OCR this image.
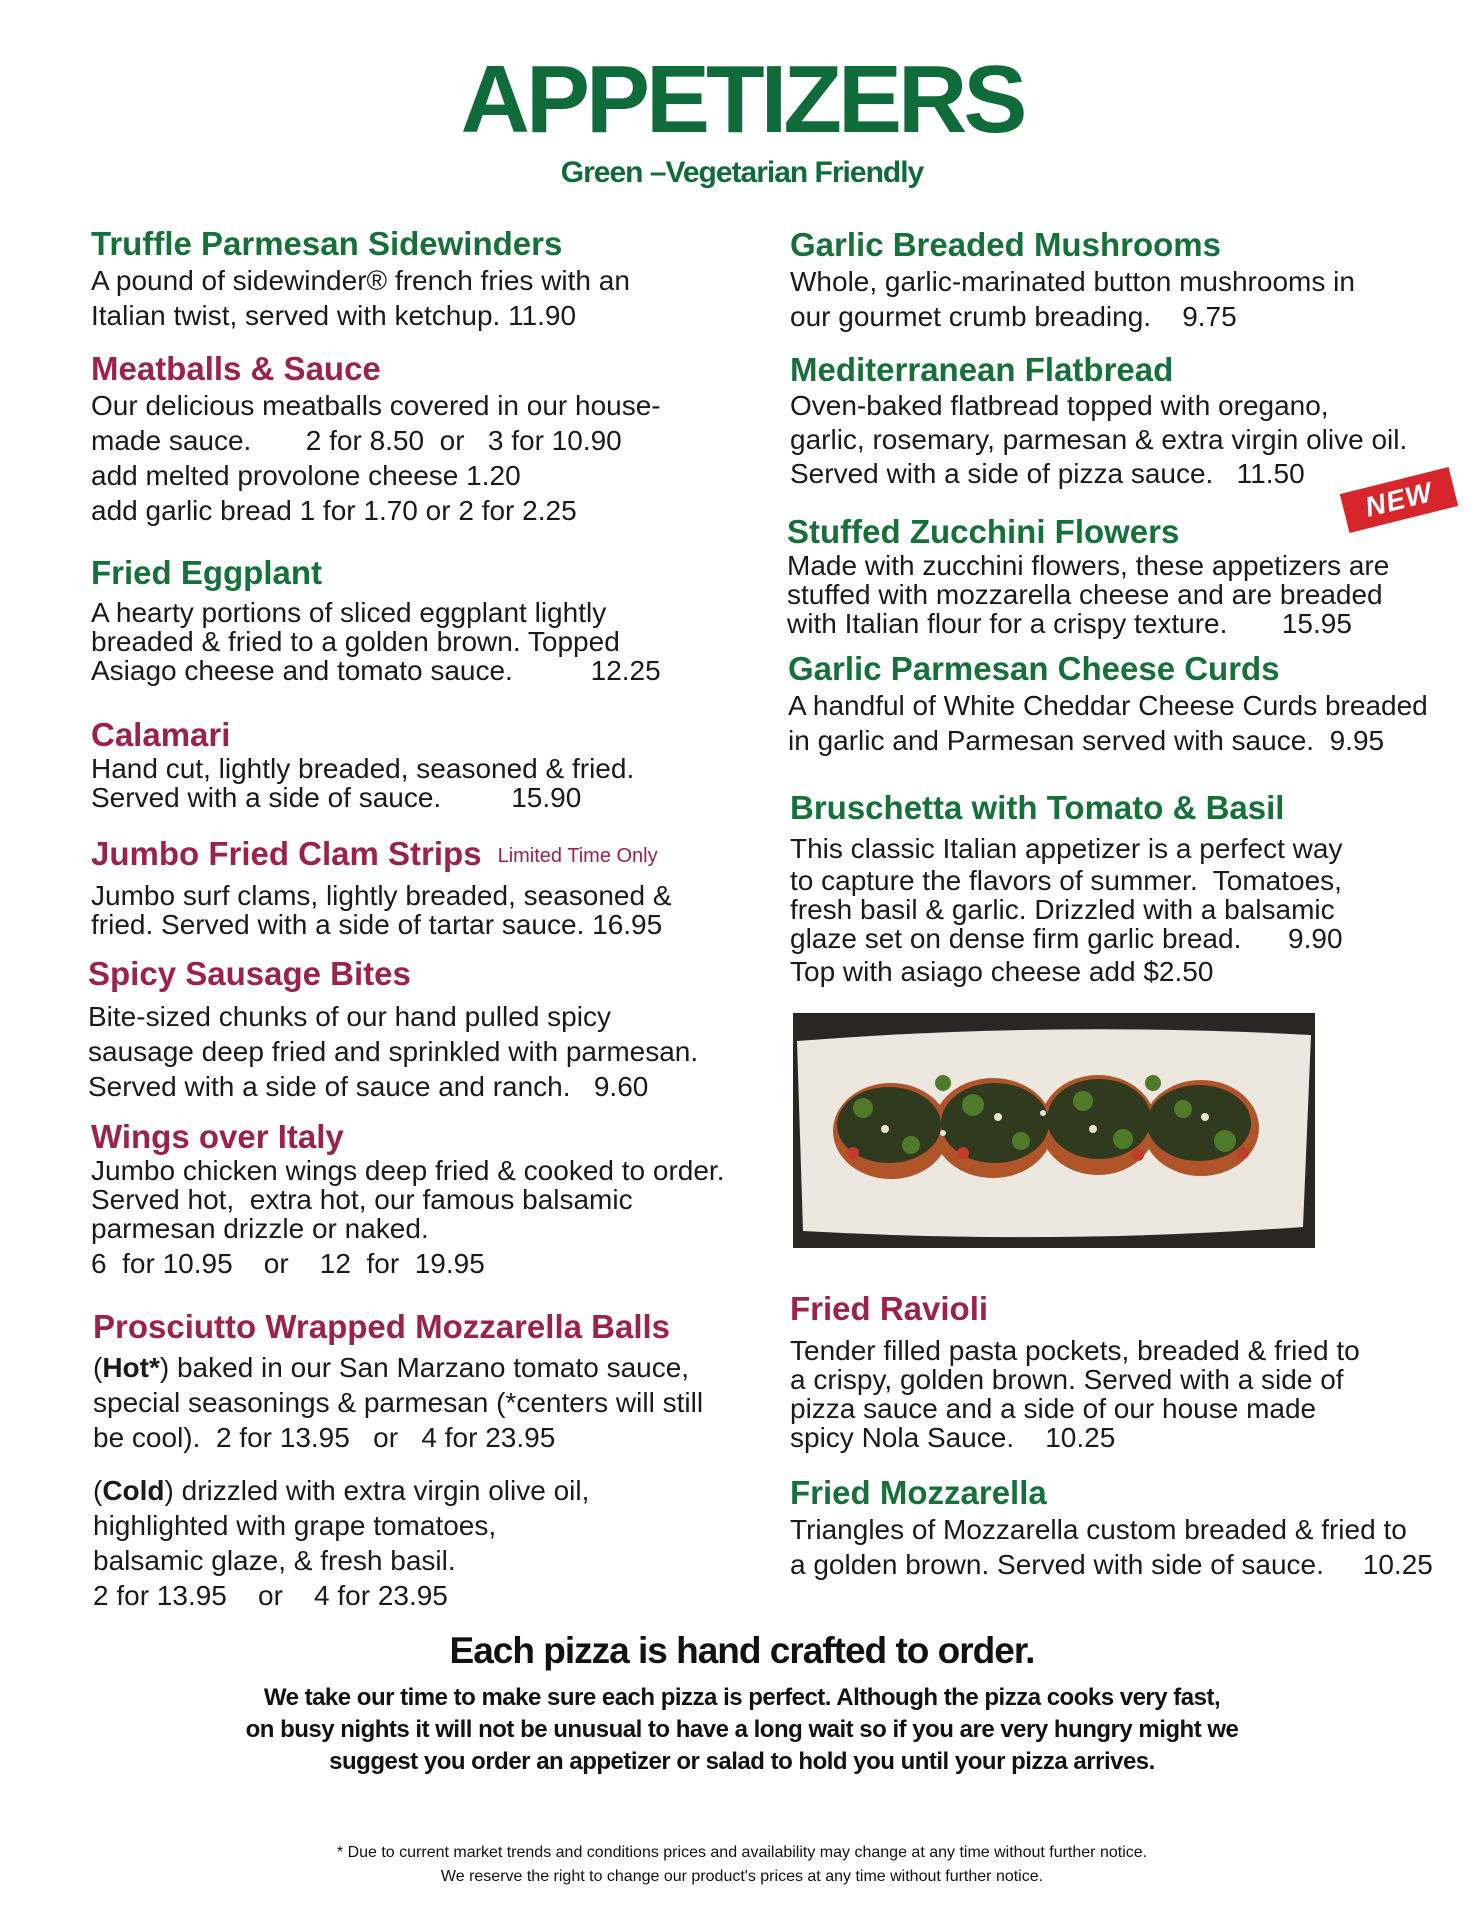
APPETIZERS
Green –Vegetarian Friendly
Truffle Parmesan Sidewinders

A pound of sidewinder® french fries with an

Italian twist, served with ketchup. 11.90

Meatballs & Sauce

Our delicious meatballs covered in our house-

made sauce.       2 for 8.50  or   3 for 10.90

add melted provolone cheese 1.20

add garlic bread 1 for 1.70 or 2 for 2.25

Fried Eggplant

A hearty portions of sliced eggplant lightly

breaded & fried to a golden brown. Topped

Asiago cheese and tomato sauce.          12.25

Calamari

Hand cut, lightly breaded, seasoned & fried.

Served with a side of sauce.         15.90

Jumbo Fried Clam Strips Limited Time Only

Jumbo surf clams, lightly breaded, seasoned &

fried. Served with a side of tartar sauce. 16.95

Spicy Sausage Bites

Bite-sized chunks of our hand pulled spicy

sausage deep fried and sprinkled with parmesan.

Served with a side of sauce and ranch.   9.60

Wings over Italy

Jumbo chicken wings deep fried & cooked to order.

Served hot,  extra hot, our famous balsamic

parmesan drizzle or naked.

6  for 10.95    or    12  for  19.95

Prosciutto Wrapped Mozzarella Balls

(Hot*) baked in our San Marzano tomato sauce,

special seasonings & parmesan (*centers will still

be cool).  2 for 13.95   or   4 for 23.95

(Cold) drizzled with extra virgin olive oil,

highlighted with grape tomatoes,

balsamic glaze, & fresh basil.

2 for 13.95    or    4 for 23.95

Garlic Breaded Mushrooms

Whole, garlic-marinated button mushrooms in

our gourmet crumb breading.    9.75

Mediterranean Flatbread

Oven-baked flatbread topped with oregano,

garlic, rosemary, parmesan & extra virgin olive oil.

Served with a side of pizza sauce.   11.50

NEW
Stuffed Zucchini Flowers

Made with zucchini flowers, these appetizers are

stuffed with mozzarella cheese and are breaded

with Italian flour for a crispy texture.       15.95

Garlic Parmesan Cheese Curds

A handful of White Cheddar Cheese Curds breaded

in garlic and Parmesan served with sauce.  9.95

Bruschetta with Tomato & Basil

This classic Italian appetizer is a perfect way

to capture the flavors of summer.  Tomatoes,

fresh basil & garlic. Drizzled with a balsamic

glaze set on dense firm garlic bread.      9.90

Top with asiago cheese add $2.50

Fried Ravioli

Tender filled pasta pockets, breaded & fried to

a crispy, golden brown. Served with a side of

pizza sauce and a side of our house made

spicy Nola Sauce.    10.25

Fried Mozzarella

Triangles of Mozzarella custom breaded & fried to

a golden brown. Served with side of sauce.     10.25

Each pizza is hand crafted to order.
We take our time to make sure each pizza is perfect. Although the pizza cooks very fast,
on busy nights it will not be unusual to have a long wait so if you are very hungry might we
suggest you order an appetizer or salad to hold you until your pizza arrives.
* Due to current market trends and conditions prices and availability may change at any time without further notice.
We reserve the right to change our product's prices at any time without further notice.
